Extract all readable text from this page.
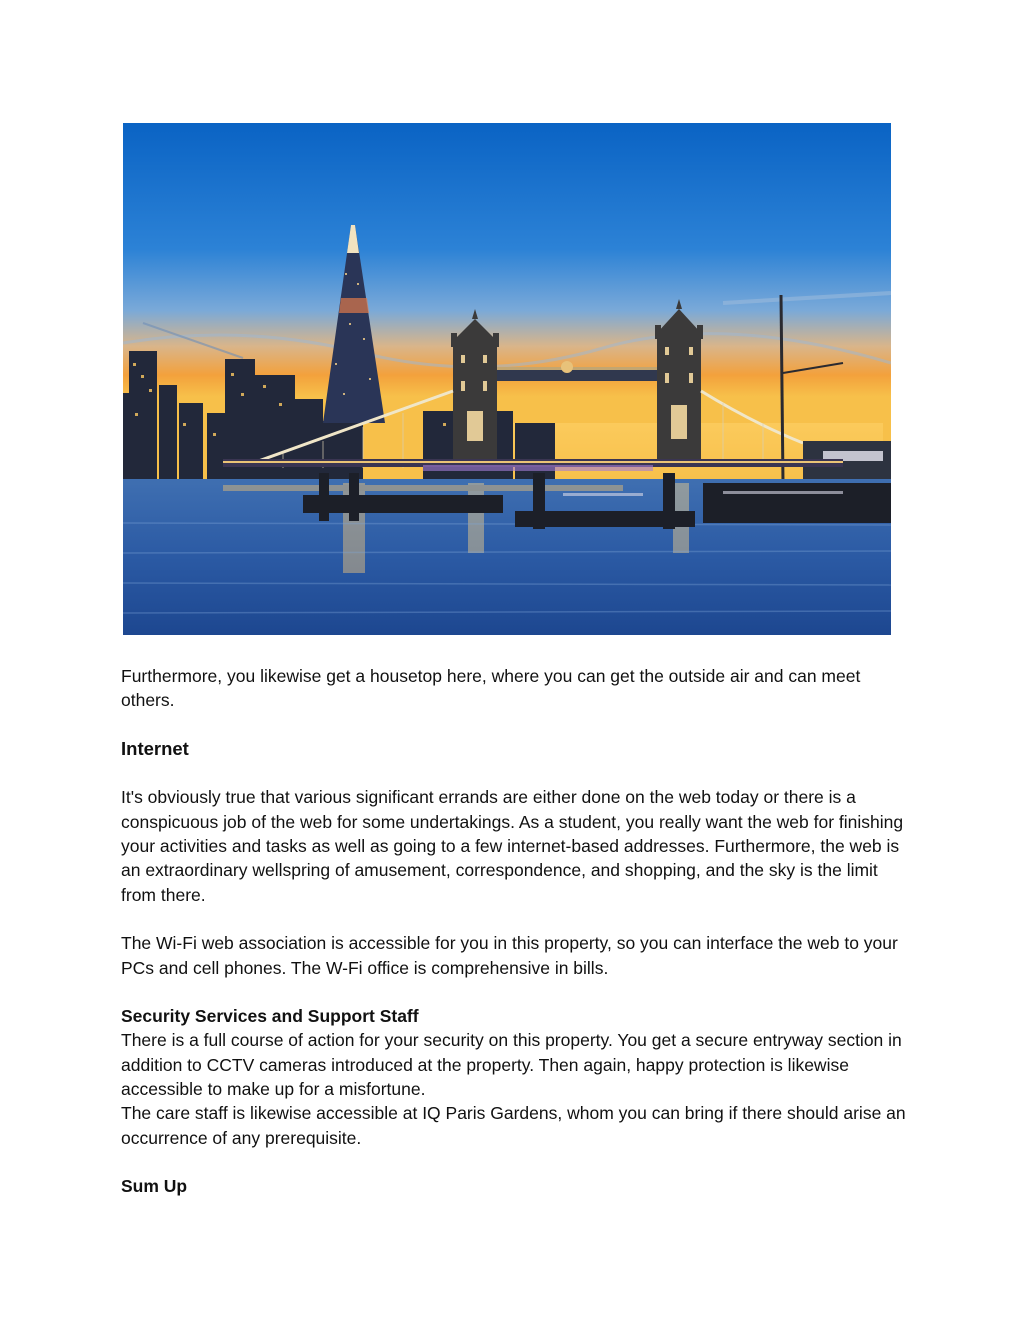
Furthermore, you likewise get a housetop here, where you can get the outside air and can meet others.

Internet

It's obviously true that various significant errands are either done on the web today or there is a conspicuous job of the web for some undertakings. As a student, you really want the web for finishing your activities and tasks as well as going to a few internet-based addresses. Furthermore, the web is an extraordinary wellspring of amusement, correspondence, and shopping, and the sky is the limit from there.

The Wi-Fi web association is accessible for you in this property, so you can interface the web to your PCs and cell phones. The W-Fi office is comprehensive in bills.

Security Services and Support Staff

There is a full course of action for your security on this property. You get a secure entryway section in addition to CCTV cameras introduced at the property. Then again, happy protection is likewise accessible to make up for a misfortune.

The care staff is likewise accessible at IQ Paris Gardens, whom you can bring if there should arise an occurrence of any prerequisite.

Sum Up
